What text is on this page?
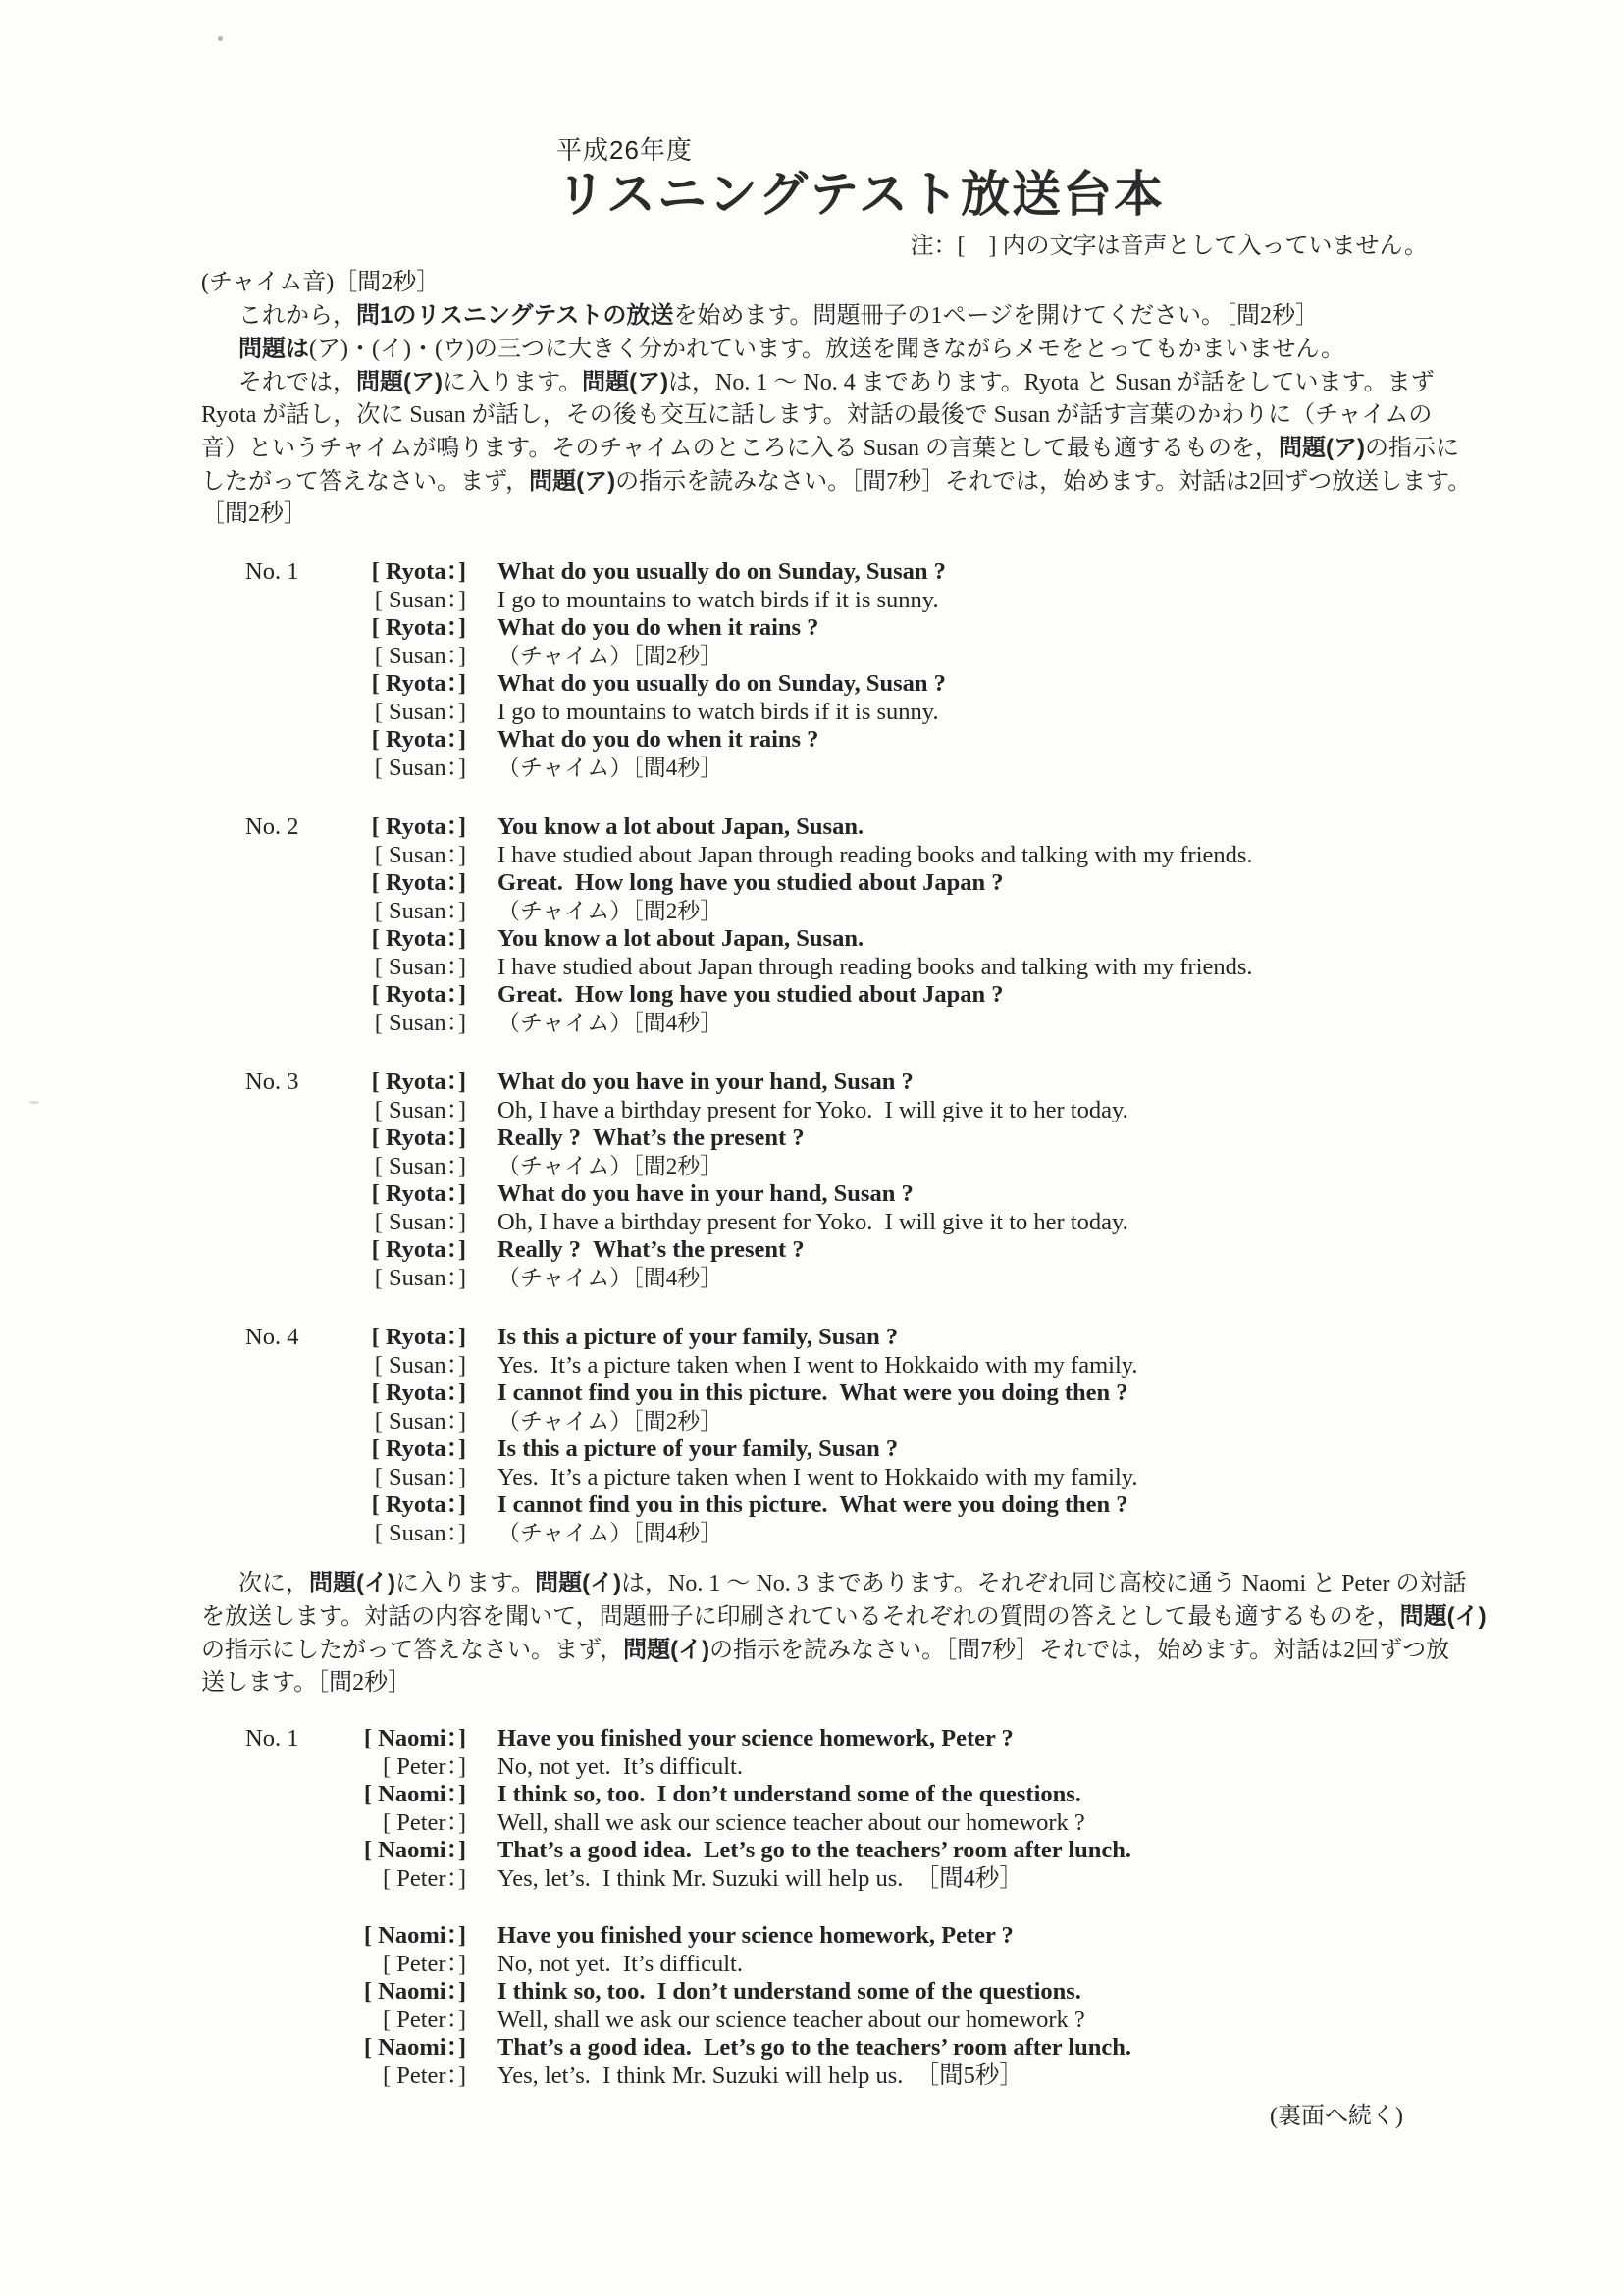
平成26年度
リスニングテスト放送台本
注：[　] 内の文字は音声として入っていません。
(チャイム音)［間2秒］
これから，問1のリスニングテストの放送を始めます。問題冊子の1ページを開けてください。［間2秒］
問題は(ア)・(イ)・(ウ)の三つに大きく分かれています。放送を聞きながらメモをとってもかまいません。
それでは，問題(ア)に入ります。問題(ア)は，No. 1 ～ No. 4 まであります。Ryota と Susan が話をしています。まず
Ryota が話し，次に Susan が話し，その後も交互に話します。対話の最後で Susan が話す言葉のかわりに（チャイムの
音）というチャイムが鳴ります。そのチャイムのところに入る Susan の言葉として最も適するものを，問題(ア)の指示に
したがって答えなさい。まず，問題(ア)の指示を読みなさい。［間7秒］それでは，始めます。対話は2回ずつ放送します。
［間2秒］
No. 1	[ Ryota：] What do you usually do on Sunday, Susan ?
[ Susan：] I go to mountains to watch birds if it is sunny.
[ Ryota：] What do you do when it rains ?
[ Susan：] （チャイム）［間2秒］
[ Ryota：] What do you usually do on Sunday, Susan ?
[ Susan：] I go to mountains to watch birds if it is sunny.
[ Ryota：] What do you do when it rains ?
[ Susan：] （チャイム）［間4秒］
No. 2	[ Ryota：] You know a lot about Japan, Susan.
[ Susan：] I have studied about Japan through reading books and talking with my friends.
[ Ryota：] Great.  How long have you studied about Japan ?
[ Susan：] （チャイム）［間2秒］
[ Ryota：] You know a lot about Japan, Susan.
[ Susan：] I have studied about Japan through reading books and talking with my friends.
[ Ryota：] Great.  How long have you studied about Japan ?
[ Susan：] （チャイム）［間4秒］
No. 3	[ Ryota：] What do you have in your hand, Susan ?
[ Susan：] Oh, I have a birthday present for Yoko.  I will give it to her today.
[ Ryota：] Really ?  What’s the present ?
[ Susan：] （チャイム）［間2秒］
[ Ryota：] What do you have in your hand, Susan ?
[ Susan：] Oh, I have a birthday present for Yoko.  I will give it to her today.
[ Ryota：] Really ?  What’s the present ?
[ Susan：] （チャイム）［間4秒］
No. 4	[ Ryota：] Is this a picture of your family, Susan ?
[ Susan：] Yes.  It’s a picture taken when I went to Hokkaido with my family.
[ Ryota：] I cannot find you in this picture.  What were you doing then ?
[ Susan：] （チャイム）［間2秒］
[ Ryota：] Is this a picture of your family, Susan ?
[ Susan：] Yes.  It’s a picture taken when I went to Hokkaido with my family.
[ Ryota：] I cannot find you in this picture.  What were you doing then ?
[ Susan：] （チャイム）［間4秒］
次に，問題(イ)に入ります。問題(イ)は，No. 1 ～ No. 3 まであります。それぞれ同じ高校に通う Naomi と Peter の対話
を放送します。対話の内容を聞いて，問題冊子に印刷されているそれぞれの質問の答えとして最も適するものを，問題(イ)
の指示にしたがって答えなさい。まず，問題(イ)の指示を読みなさい。［間7秒］それでは，始めます。対話は2回ずつ放
送します。［間2秒］
No. 1	[ Naomi：] Have you finished your science homework, Peter ?
[ Peter：] No, not yet.  It’s difficult.
[ Naomi：] I think so, too.  I don’t understand some of the questions.
[ Peter：] Well, shall we ask our science teacher about our homework ?
[ Naomi：] That’s a good idea.  Let’s go to the teachers’ room after lunch.
[ Peter：] Yes, let’s.  I think Mr. Suzuki will help us.  ［間4秒］
[ Naomi：] Have you finished your science homework, Peter ?
[ Peter：] No, not yet.  It’s difficult.
[ Naomi：] I think so, too.  I don’t understand some of the questions.
[ Peter：] Well, shall we ask our science teacher about our homework ?
[ Naomi：] That’s a good idea.  Let’s go to the teachers’ room after lunch.
[ Peter：] Yes, let’s.  I think Mr. Suzuki will help us.  ［間5秒］
(裏面へ続く)
